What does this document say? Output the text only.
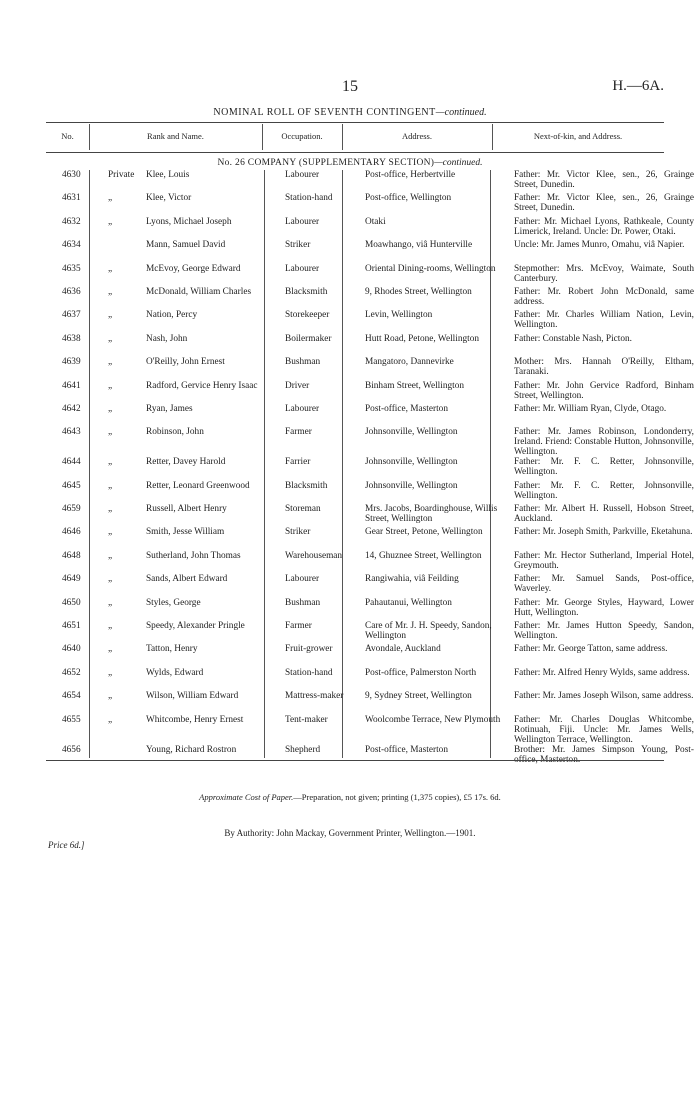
15	H.—6A.
NOMINAL ROLL OF SEVENTH CONTINGENT—continued.
No.	Rank and Name.	Occupation.	Address.	Next-of-kin, and Address.
No. 26 COMPANY (SUPPLEMENTARY SECTION)—continued.
4630	Private	Klee, Louis	Labourer	Post-office, Herbertville	Father: Mr. Victor Klee, sen., 26, Grainge Street, Dunedin.
4631	„	Klee, Victor	Station-hand	Post-office, Wellington	Father: Mr. Victor Klee, sen., 26, Grainge Street, Dunedin.
4632	„	Lyons, Michael Joseph	Labourer	Otaki	Father: Mr. Michael Lyons, Rathkeale, County Limerick, Ireland. Uncle: Dr. Power, Otaki.
4634		Mann, Samuel David	Striker	Moawhango, viâ Hunterville	Uncle: Mr. James Munro, Omahu, viâ Napier.
4635	„	McEvoy, George Edward	Labourer	Oriental Dining-rooms, Wellington	Stepmother: Mrs. McEvoy, Waimate, South Canterbury.
4636	„	McDonald, William Charles	Blacksmith	9, Rhodes Street, Wellington	Father: Mr. Robert John McDonald, same address.
4637	„	Nation, Percy	Storekeeper	Levin, Wellington	Father: Mr. Charles William Nation, Levin, Wellington.
4638	„	Nash, John	Boilermaker	Hutt Road, Petone, Wellington	Father: Constable Nash, Picton.
4639	„	O'Reilly, John Ernest	Bushman	Mangatoro, Dannevirke	Mother: Mrs. Hannah O'Reilly, Eltham, Taranaki.
4641	„	Radford, Gervice Henry Isaac	Driver	Binham Street, Wellington	Father: Mr. John Gervice Radford, Binham Street, Wellington.
4642	„	Ryan, James	Labourer	Post-office, Masterton	Father: Mr. William Ryan, Clyde, Otago.
4643	„	Robinson, John	Farmer	Johnsonville, Wellington	Father: Mr. James Robinson, Londonderry, Ireland. Friend: Constable Hutton, Johnsonville, Wellington.
4644	„	Retter, Davey Harold	Farrier	Johnsonville, Wellington	Father: Mr. F. C. Retter, Johnsonville, Wellington.
4645	„	Retter, Leonard Greenwood	Blacksmith	Johnsonville, Wellington	Father: Mr. F. C. Retter, Johnsonville, Wellington.
4659	„	Russell, Albert Henry	Storeman	Mrs. Jacobs, Boardinghouse, Willis Street, Wellington	Father: Mr. Albert H. Russell, Hobson Street, Auckland.
4646	„	Smith, Jesse William	Striker	Gear Street, Petone, Wellington	Father: Mr. Joseph Smith, Parkville, Eketahuna.
4648	„	Sutherland, John Thomas	Warehouseman	14, Ghuznee Street, Wellington	Father: Mr. Hector Sutherland, Imperial Hotel, Greymouth.
4649	„	Sands, Albert Edward	Labourer	Rangiwahia, viâ Feilding	Father: Mr. Samuel Sands, Post-office, Waverley.
4650	„	Styles, George	Bushman	Pahautanui, Wellington	Father: Mr. George Styles, Hayward, Lower Hutt, Wellington.
4651	„	Speedy, Alexander Pringle	Farmer	Care of Mr. J. H. Speedy, Sandon, Wellington	Father: Mr. James Hutton Speedy, Sandon, Wellington.
4640	„	Tatton, Henry	Fruit-grower	Avondale, Auckland	Father: Mr. George Tatton, same address.
4652	„	Wylds, Edward	Station-hand	Post-office, Palmerston North	Father: Mr. Alfred Henry Wylds, same address.
4654	„	Wilson, William Edward	Mattress-maker	9, Sydney Street, Wellington	Father: Mr. James Joseph Wilson, same address.
4655	„	Whitcombe, Henry Ernest	Tent-maker	Woolcombe Terrace, New Plymouth	Father: Mr. Charles Douglas Whitcombe, Rotinuah, Fiji. Uncle: Mr. James Wells, Wellington Terrace, Wellington.
4656		Young, Richard Rostron	Shepherd	Post-office, Masterton	Brother: Mr. James Simpson Young, Post-office, Masterton.
Approximate Cost of Paper.—Preparation, not given; printing (1,375 copies), £5 17s. 6d.
By Authority: John Mackay, Government Printer, Wellington.—1901.
Price 6d.]
